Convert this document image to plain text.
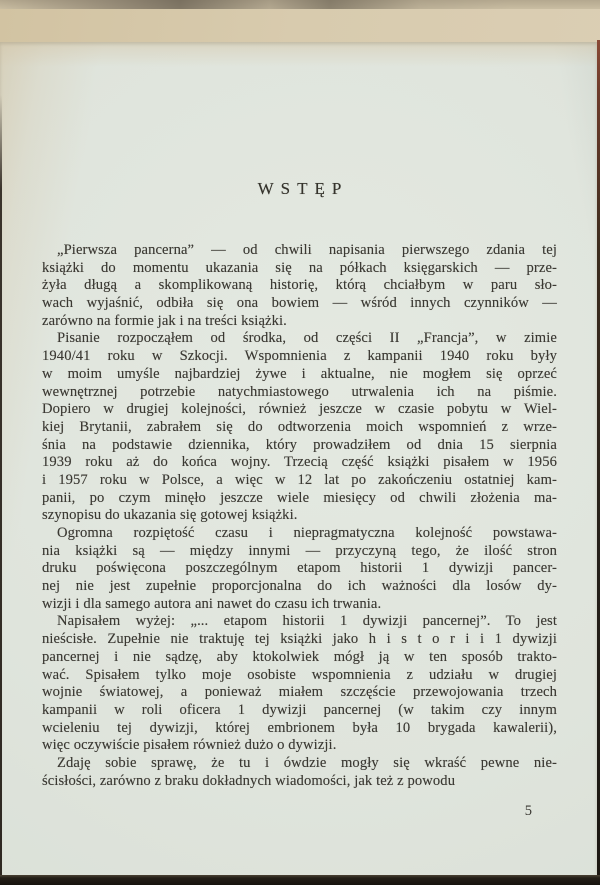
WSTĘP
„Pierwsza pancerna” — od chwili napisania pierwszego zdania tej
książki do momentu ukazania się na półkach księgarskich — prze-
żyła długą a skomplikowaną historię, którą chciałbym w paru sło-
wach wyjaśnić, odbiła się ona bowiem — wśród innych czynników —
zarówno na formie jak i na treści książki.
Pisanie rozpocząłem od środka, od części II „Francja”, w zimie
1940/41 roku w Szkocji. Wspomnienia z kampanii 1940 roku były
w moim umyśle najbardziej żywe i aktualne, nie mogłem się oprzeć
wewnętrznej potrzebie natychmiastowego utrwalenia ich na piśmie.
Dopiero w drugiej kolejności, również jeszcze w czasie pobytu w Wiel-
kiej Brytanii, zabrałem się do odtworzenia moich wspomnień z wrze-
śnia na podstawie dziennika, który prowadziłem od dnia 15 sierpnia
1939 roku aż do końca wojny. Trzecią część książki pisałem w 1956
i 1957 roku w Polsce, a więc w 12 lat po zakończeniu ostatniej kam-
panii, po czym minęło jeszcze wiele miesięcy od chwili złożenia ma-
szynopisu do ukazania się gotowej książki.
Ogromna rozpiętość czasu i niepragmatyczna kolejność powstawa-
nia książki są — między innymi — przyczyną tego, że ilość stron
druku poświęcona poszczególnym etapom historii 1 dywizji pancer-
nej nie jest zupełnie proporcjonalna do ich ważności dla losów dy-
wizji i dla samego autora ani nawet do czasu ich trwania.
Napisałem wyżej: „... etapom historii 1 dywizji pancernej”. To jest
nieścisłe. Zupełnie nie traktuję tej książki jako h i s t o r i i 1 dywizji
pancernej i nie sądzę, aby ktokolwiek mógł ją w ten sposób trakto-
wać. Spisałem tylko moje osobiste wspomnienia z udziału w drugiej
wojnie światowej, a ponieważ miałem szczęście przewojowania trzech
kampanii w roli oficera 1 dywizji pancernej (w takim czy innym
wcieleniu tej dywizji, której embrionem była 10 brygada kawalerii),
więc oczywiście pisałem również dużo o dywizji.
Zdaję sobie sprawę, że tu i ówdzie mogły się wkraść pewne nie-
ścisłości, zarówno z braku dokładnych wiadomości, jak też z powodu
5
